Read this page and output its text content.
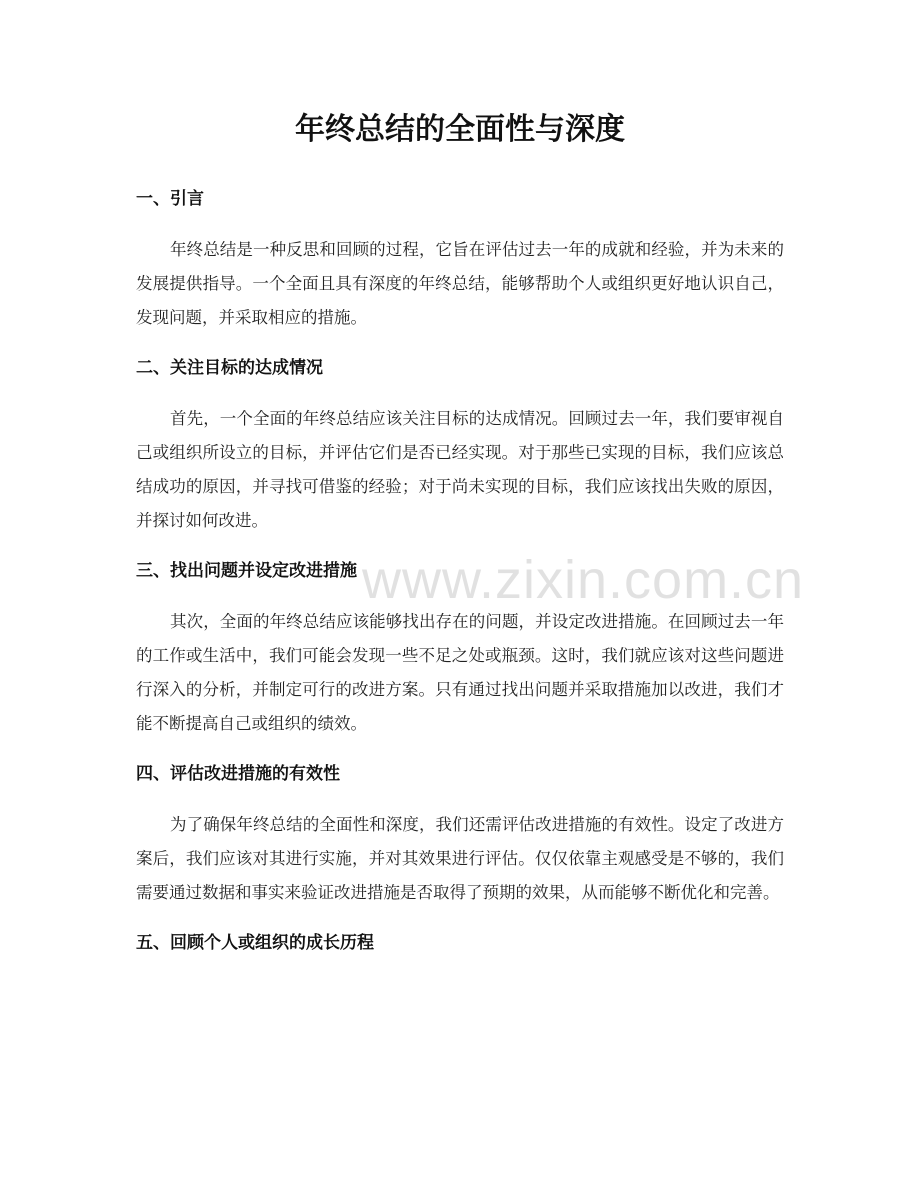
年终总结的全面性与深度
一、引言

年终总结是一种反思和回顾的过程，它旨在评估过去一年的成就和经验，并为未来的发展提供指导。一个全面且具有深度的年终总结，能够帮助个人或组织更好地认识自己，发现问题，并采取相应的措施。

二、关注目标的达成情况

首先，一个全面的年终总结应该关注目标的达成情况。回顾过去一年，我们要审视自己或组织所设立的目标，并评估它们是否已经实现。对于那些已实现的目标，我们应该总结成功的原因，并寻找可借鉴的经验；对于尚未实现的目标，我们应该找出失败的原因，并探讨如何改进。

三、找出问题并设定改进措施

其次，全面的年终总结应该能够找出存在的问题，并设定改进措施。在回顾过去一年的工作或生活中，我们可能会发现一些不足之处或瓶颈。这时，我们就应该对这些问题进行深入的分析，并制定可行的改进方案。只有通过找出问题并采取措施加以改进，我们才能不断提高自己或组织的绩效。

四、评估改进措施的有效性

为了确保年终总结的全面性和深度，我们还需评估改进措施的有效性。设定了改进方案后，我们应该对其进行实施，并对其效果进行评估。仅仅依靠主观感受是不够的，我们需要通过数据和事实来验证改进措施是否取得了预期的效果，从而能够不断优化和完善。

五、回顾个人或组织的成长历程
www.zixin.com.cn
